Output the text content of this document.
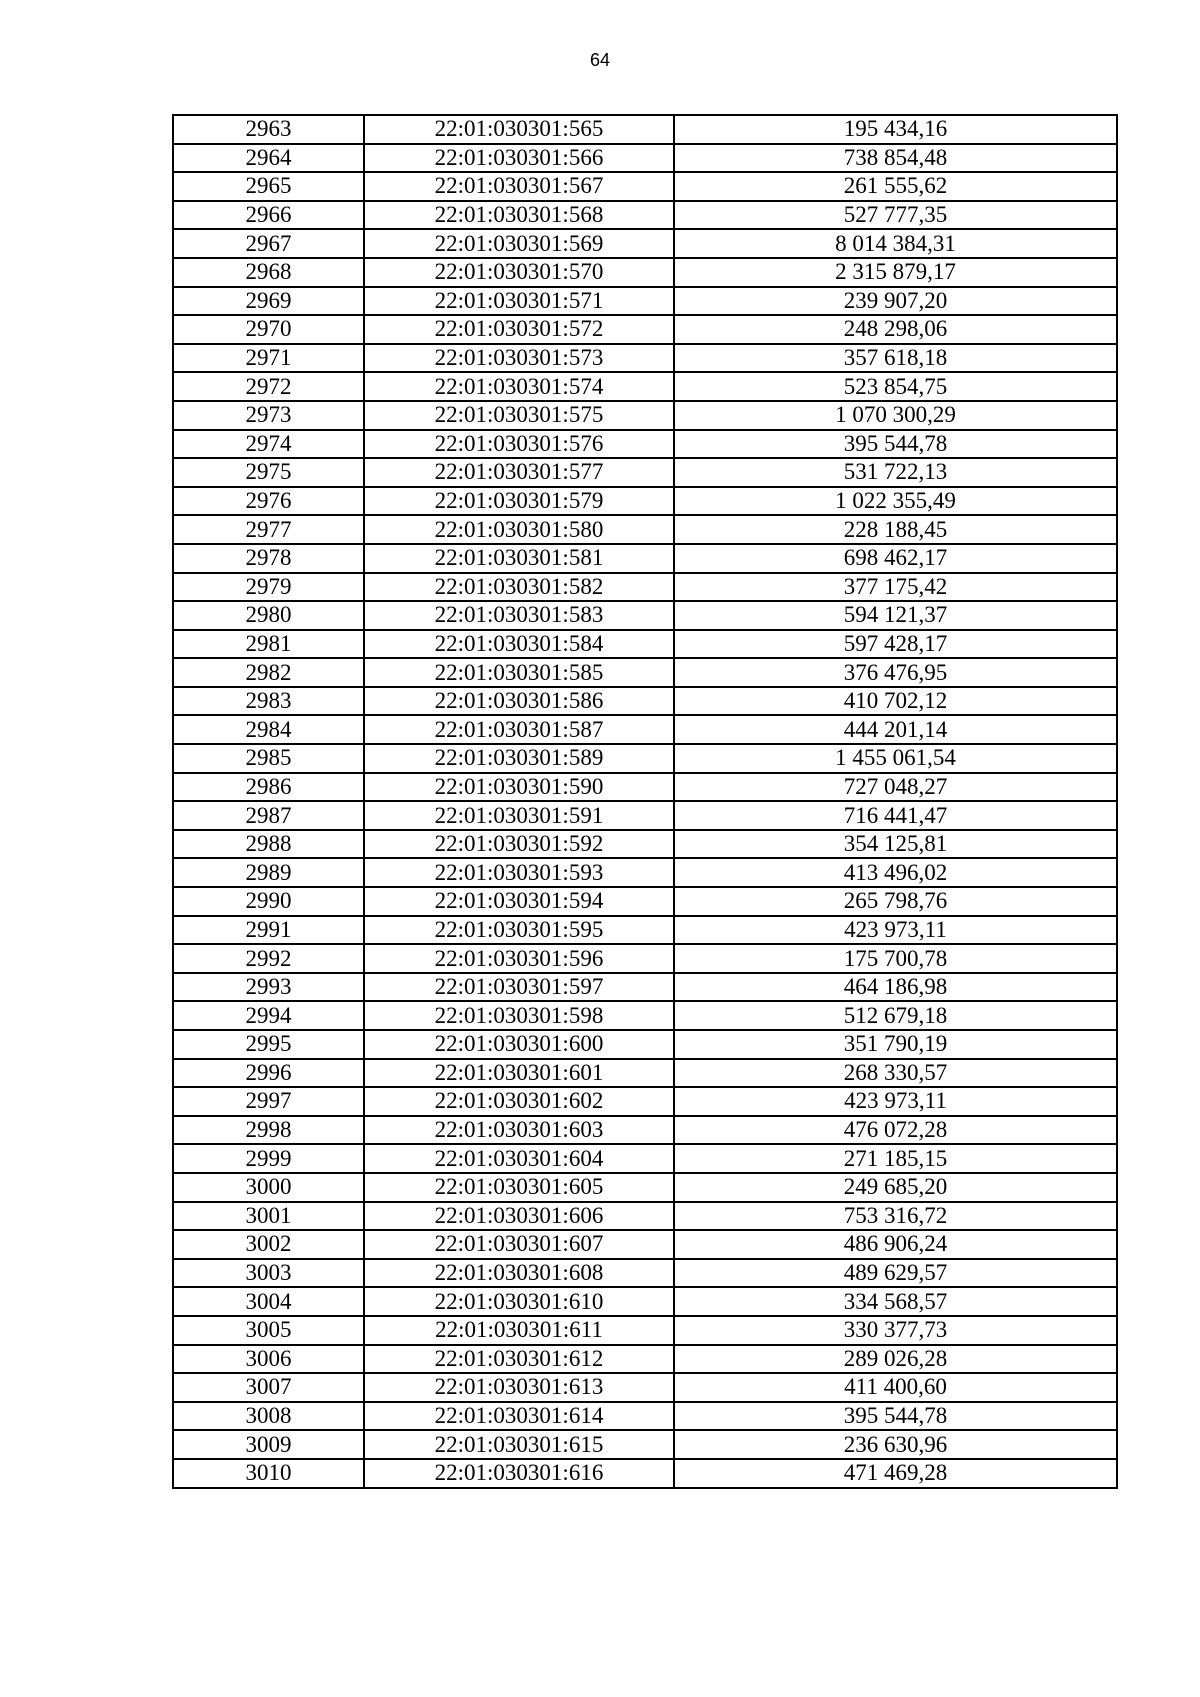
64
2963	22:01:030301:565	195 434,16
2964	22:01:030301:566	738 854,48
2965	22:01:030301:567	261 555,62
2966	22:01:030301:568	527 777,35
2967	22:01:030301:569	8 014 384,31
2968	22:01:030301:570	2 315 879,17
2969	22:01:030301:571	239 907,20
2970	22:01:030301:572	248 298,06
2971	22:01:030301:573	357 618,18
2972	22:01:030301:574	523 854,75
2973	22:01:030301:575	1 070 300,29
2974	22:01:030301:576	395 544,78
2975	22:01:030301:577	531 722,13
2976	22:01:030301:579	1 022 355,49
2977	22:01:030301:580	228 188,45
2978	22:01:030301:581	698 462,17
2979	22:01:030301:582	377 175,42
2980	22:01:030301:583	594 121,37
2981	22:01:030301:584	597 428,17
2982	22:01:030301:585	376 476,95
2983	22:01:030301:586	410 702,12
2984	22:01:030301:587	444 201,14
2985	22:01:030301:589	1 455 061,54
2986	22:01:030301:590	727 048,27
2987	22:01:030301:591	716 441,47
2988	22:01:030301:592	354 125,81
2989	22:01:030301:593	413 496,02
2990	22:01:030301:594	265 798,76
2991	22:01:030301:595	423 973,11
2992	22:01:030301:596	175 700,78
2993	22:01:030301:597	464 186,98
2994	22:01:030301:598	512 679,18
2995	22:01:030301:600	351 790,19
2996	22:01:030301:601	268 330,57
2997	22:01:030301:602	423 973,11
2998	22:01:030301:603	476 072,28
2999	22:01:030301:604	271 185,15
3000	22:01:030301:605	249 685,20
3001	22:01:030301:606	753 316,72
3002	22:01:030301:607	486 906,24
3003	22:01:030301:608	489 629,57
3004	22:01:030301:610	334 568,57
3005	22:01:030301:611	330 377,73
3006	22:01:030301:612	289 026,28
3007	22:01:030301:613	411 400,60
3008	22:01:030301:614	395 544,78
3009	22:01:030301:615	236 630,96
3010	22:01:030301:616	471 469,28
